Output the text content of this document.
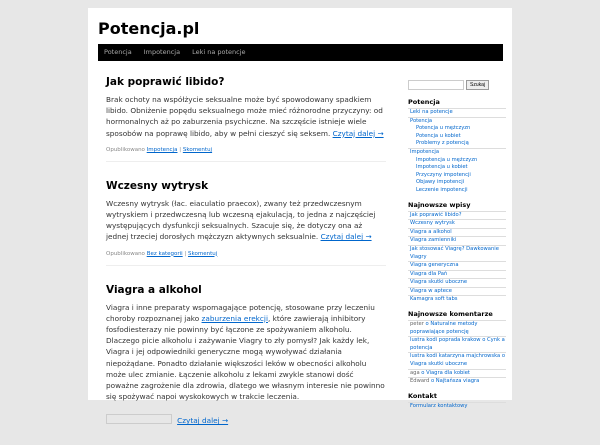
Potencja.pl
Potencja	Impotencja	Leki na potencje
Jak poprawić libido?

Brak ochoty na współżycie seksualne może być spowodowany spadkiem libido. Obniżenie popędu seksualnego może mieć różnorodne przyczyny: od hormonalnych aż po zaburzenia psychiczne. Na szczęście istnieje wiele sposobów na poprawę libido, aby w pełni cieszyć się seksem. Czytaj dalej →

Opublikowano Impotencja | Skomentuj
Wczesny wytrysk

Wczesny wytrysk (łac. eiaculatio praecox), zwany też przedwczesnym wytryskiem i przedwczesną lub wczesną ejakulacją, to jedna z najczęściej występujących dysfunkcji seksualnych. Szacuje się, że dotyczy ona aż jednej trzeciej dorosłych mężczyzn aktywnych seksualnie. Czytaj dalej →

Opublikowano Bez kategorii | Skomentuj
Viagra a alkohol

Viagra i inne preparaty wspomagające potencję, stosowane przy leczeniu choroby rozpoznanej jako zaburzenia erekcji, które zawierają inhibitory fosfodiesterazy nie powinny być łączone ze spożywaniem alkoholu. Dlaczego picie alkoholu i zażywanie Viagry to zły pomysł? Jak każdy lek, Viagra i jej odpowiedniki generyczne mogą wywoływać działania niepożądane. Ponadto działanie większości leków w obecności alkoholu może ulec zmianie. Łączenie alkoholu z lekami zwykle stanowi dość poważne zagrożenie dla zdrowia, dlatego we własnym interesie nie powinno się spożywać napoi wyskokowych w trakcie leczenia.

Czytaj dalej →
Szukaj
Potencja
Leki na potencje
Potencja
Potencja u mężczyzn
Potencja u kobiet
Problemy z potencją
Impotencja
Impotencja u mężczyzn
Impotencja u kobiet
Przyczyny impotencji
Objawy impotencji
Leczenie impotencji
Najnowsze wpisy
Jak poprawić libido?
Wczesny wytrysk
Viagra a alkohol
Viagra zamienniki
Jak stosować Viagrę? Dawkowanie Viagry
Viagra generyczna
Viagra dla Pań
Viagra skutki uboczne
Viagra w aptece
Kamagra soft tabs
Najnowsze komentarze
peter o Naturalne metody poprawiające potencję
lustra kodi poprada krakow o Cynk a potencja
lustra kodi katarzyna majchrowska o Viagra skutki uboczne
aga o Viagra dla kobiet
Edward o Najtańsza viagra
Kontakt
Formularz kontaktowy
